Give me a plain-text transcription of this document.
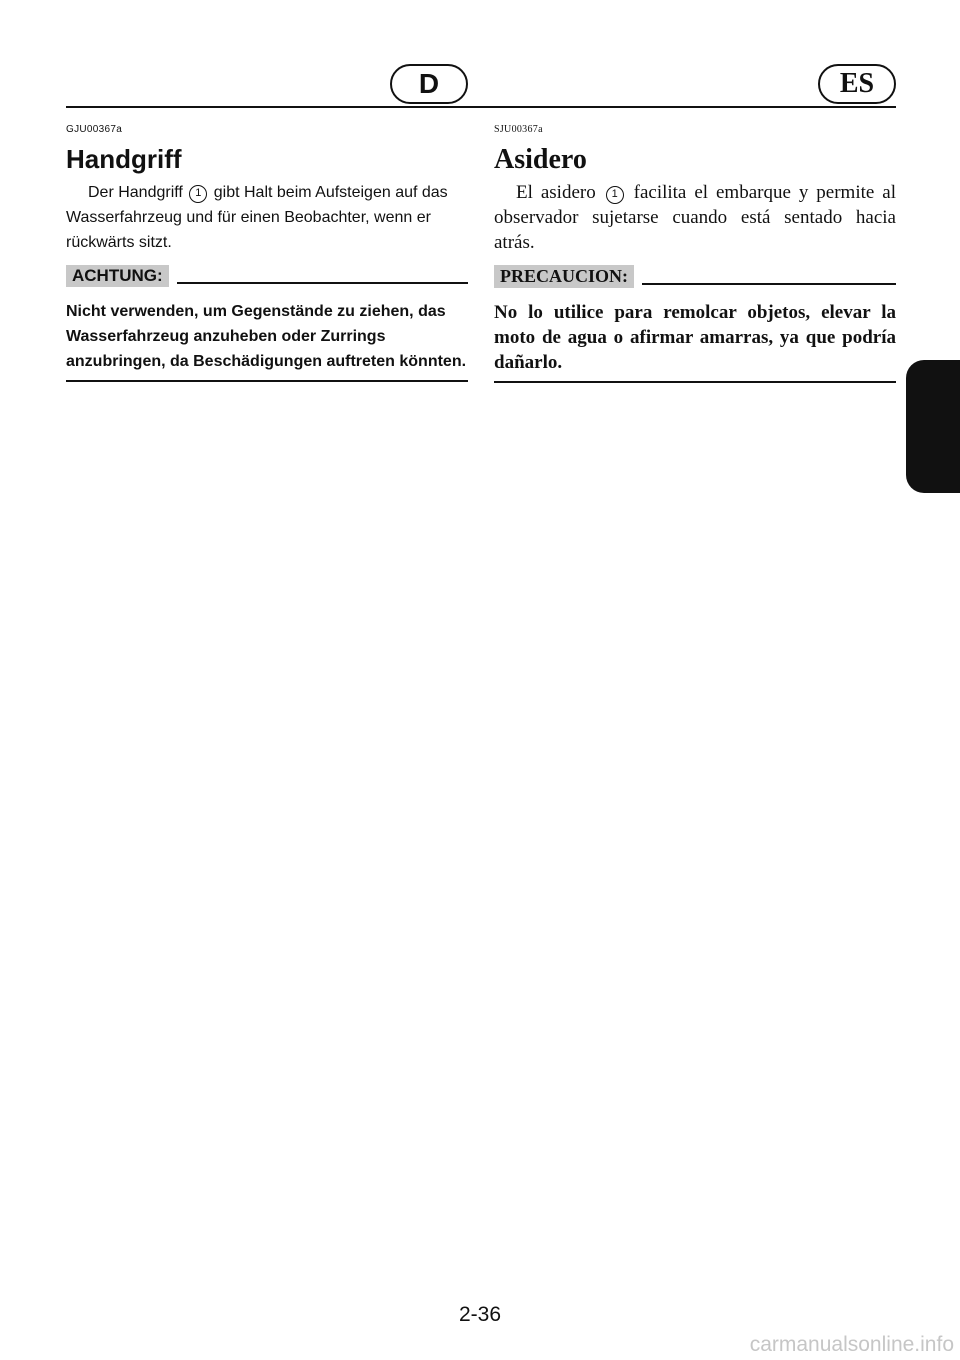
D	ES

GJU00367a

Handgriff

Der Handgriff 1 gibt Halt beim Aufsteigen auf das Wasserfahrzeug und für einen Beobachter, wenn er rückwärts sitzt.

ACHTUNG:

Nicht verwenden, um Gegenstände zu ziehen, das Wasserfahrzeug anzuheben oder Zurrings anzubringen, da Beschädigungen auftreten könnten.

SJU00367a

Asidero

El asidero 1 facilita el embarque y permite al observador sujetarse cuando está sentado hacia atrás.

PRECAUCION:

No lo utilice para remolcar objetos, elevar la moto de agua o afirmar amarras, ya que podría dañarlo.

2-36
carmanualsonline.info
